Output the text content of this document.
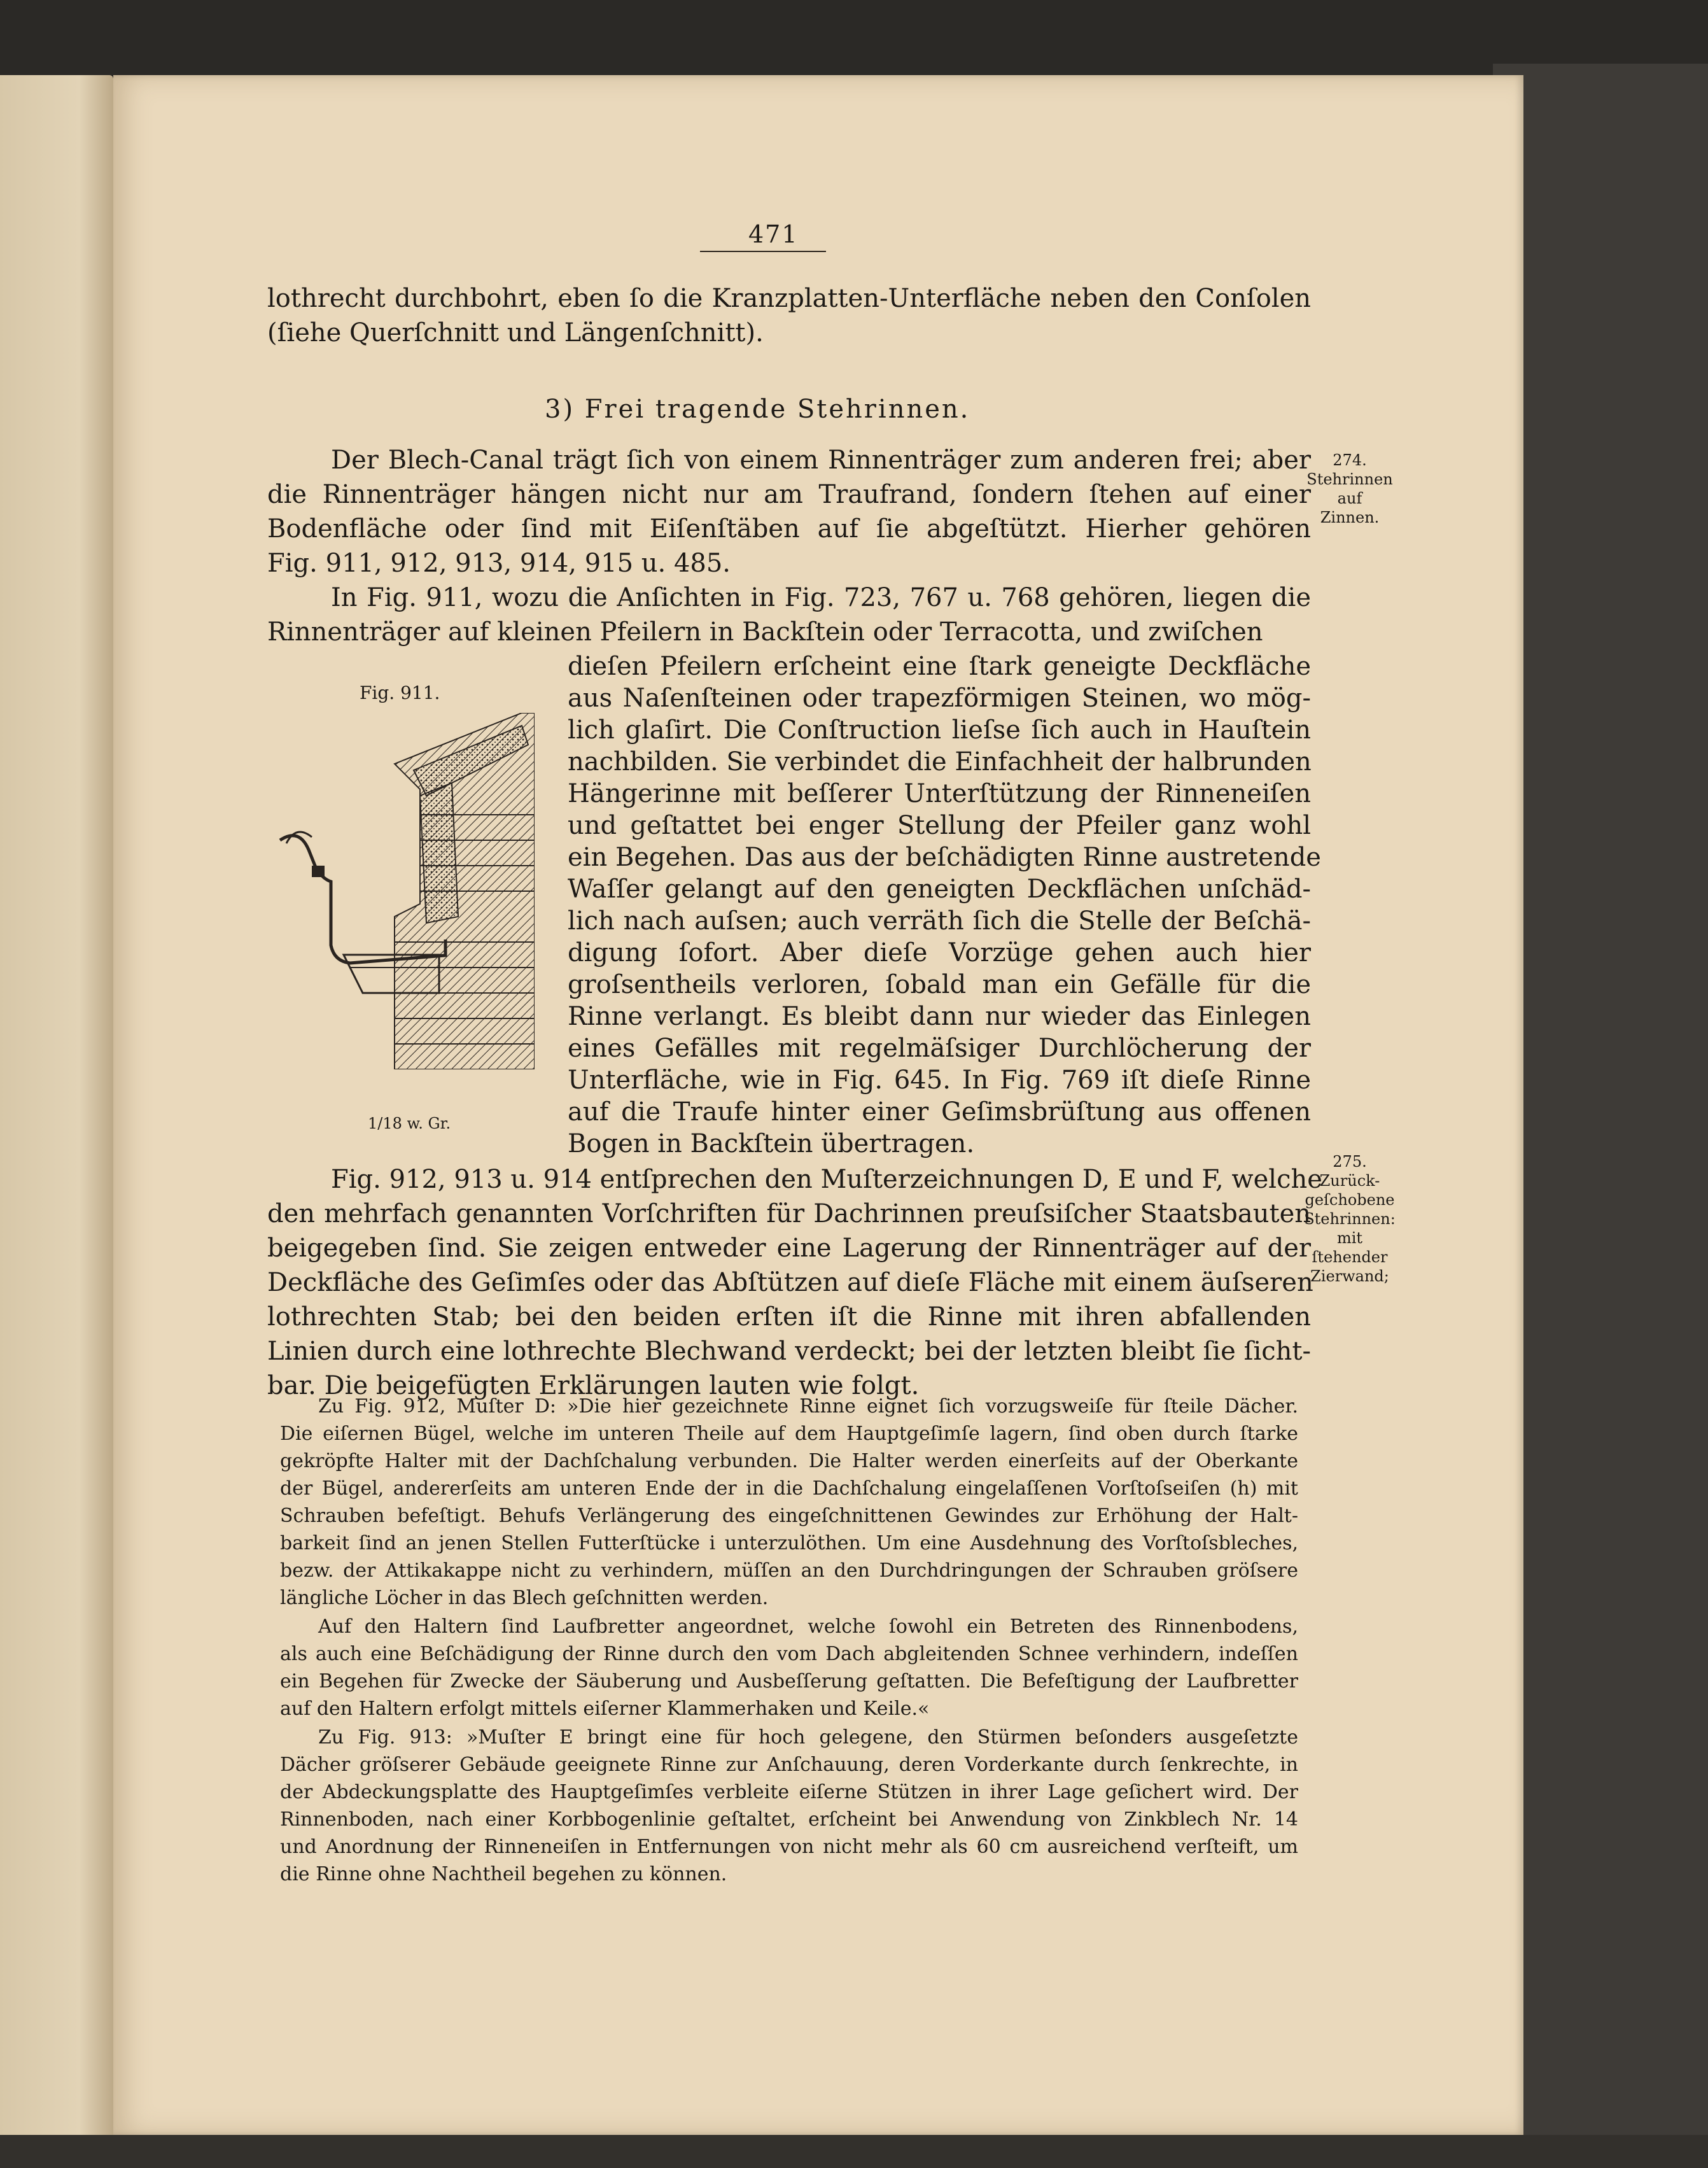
471
lothrecht durchbohrt, eben ſo die Kranzplatten-Unterfläche neben den Conſolen
(ſiehe Querſchnitt und Längenſchnitt).
3) Frei tragende Stehrinnen.
Der Blech-Canal trägt ſich von einem Rinnenträger zum anderen frei; aber
die Rinnenträger hängen nicht nur am Traufrand, ſondern ſtehen auf einer
Bodenfläche oder ſind mit Eiſenſtäben auf ſie abgeſtützt. Hierher gehören
Fig. 911, 912, 913, 914, 915 u. 485.
In Fig. 911, wozu die Anſichten in Fig. 723, 767 u. 768 gehören, liegen die
Rinnenträger auf kleinen Pfeilern in Backſtein oder Terracotta, und zwiſchen
dieſen Pfeilern erſcheint eine ſtark geneigte Deckfläche
aus Naſenſteinen oder trapezförmigen Steinen, wo mög-
lich glaſirt. Die Conſtruction lieſse ſich auch in Hauſtein
nachbilden. Sie verbindet die Einfachheit der halbrunden
Hängerinne mit beſſerer Unterſtützung der Rinneneiſen
und geſtattet bei enger Stellung der Pfeiler ganz wohl
ein Begehen. Das aus der beſchädigten Rinne austretende
Waſſer gelangt auf den geneigten Deckflächen unſchäd-
lich nach auſsen; auch verräth ſich die Stelle der Beſchä-
digung ſofort. Aber dieſe Vorzüge gehen auch hier
groſsentheils verloren, ſobald man ein Gefälle für die
Rinne verlangt. Es bleibt dann nur wieder das Einlegen
eines Gefälles mit regelmäſsiger Durchlöcherung der
Unterfläche, wie in Fig. 645. In Fig. 769 iſt dieſe Rinne
auf die Traufe hinter einer Geſimsbrüſtung aus offenen
Bogen in Backſtein übertragen.
Fig. 911.
1/18 w. Gr.
Fig. 912, 913 u. 914 entſprechen den Muſterzeichnungen D, E und F, welche
den mehrfach genannten Vorſchriften für Dachrinnen preuſsiſcher Staatsbauten
beigegeben ſind. Sie zeigen entweder eine Lagerung der Rinnenträger auf der
Deckfläche des Geſimſes oder das Abſtützen auf dieſe Fläche mit einem äuſseren
lothrechten Stab; bei den beiden erſten iſt die Rinne mit ihren abfallenden
Linien durch eine lothrechte Blechwand verdeckt; bei der letzten bleibt ſie ſicht-
bar. Die beigefügten Erklärungen lauten wie folgt.
Zu Fig. 912, Muſter D: »Die hier gezeichnete Rinne eignet ſich vorzugsweiſe für ſteile Dächer.
Die eiſernen Bügel, welche im unteren Theile auf dem Hauptgeſimſe lagern, ſind oben durch ſtarke
gekröpfte Halter mit der Dachſchalung verbunden. Die Halter werden einerſeits auf der Oberkante
der Bügel, andererſeits am unteren Ende der in die Dachſchalung eingelaſſenen Vorſtoſseiſen (h) mit
Schrauben befeſtigt. Behufs Verlängerung des eingeſchnittenen Gewindes zur Erhöhung der Halt-
barkeit ſind an jenen Stellen Futterſtücke i unterzulöthen. Um eine Ausdehnung des Vorſtoſsbleches,
bezw. der Attikakappe nicht zu verhindern, müſſen an den Durchdringungen der Schrauben gröſsere
längliche Löcher in das Blech geſchnitten werden.
Auf den Haltern ſind Laufbretter angeordnet, welche ſowohl ein Betreten des Rinnenbodens,
als auch eine Beſchädigung der Rinne durch den vom Dach abgleitenden Schnee verhindern, indeſſen
ein Begehen für Zwecke der Säuberung und Ausbeſſerung geſtatten. Die Befeſtigung der Laufbretter
auf den Haltern erfolgt mittels eiſerner Klammerhaken und Keile.«
Zu Fig. 913: »Muſter E bringt eine für hoch gelegene, den Stürmen beſonders ausgeſetzte
Dächer gröſserer Gebäude geeignete Rinne zur Anſchauung, deren Vorderkante durch ſenkrechte, in
der Abdeckungsplatte des Hauptgeſimſes verbleite eiſerne Stützen in ihrer Lage geſichert wird. Der
Rinnenboden, nach einer Korbbogenlinie geſtaltet, erſcheint bei Anwendung von Zinkblech Nr. 14
und Anordnung der Rinneneiſen in Entfernungen von nicht mehr als 60 cm ausreichend verſteift, um
die Rinne ohne Nachtheil begehen zu können.
274.
Stehrinnen
auf
Zinnen.
275.
Zurück-
geſchobene
Stehrinnen:
mit
ſtehender
Zierwand;
